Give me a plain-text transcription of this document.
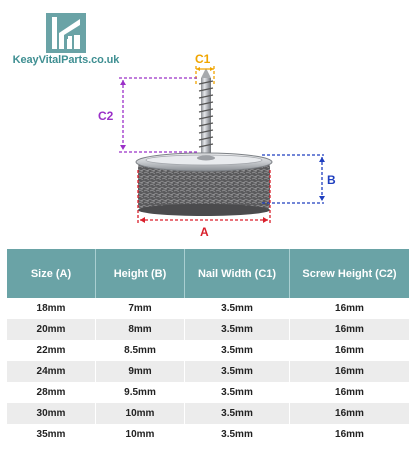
KeayVitalParts.co.uk	C1
C2
B
A
Size (A)	Height (B)	Nail Width (C1)	Screw Height (C2)
18mm	7mm	3.5mm	16mm
20mm	8mm	3.5mm	16mm
22mm	8.5mm	3.5mm	16mm
24mm	9mm	3.5mm	16mm
28mm	9.5mm	3.5mm	16mm
30mm	10mm	3.5mm	16mm
35mm	10mm	3.5mm	16mm
